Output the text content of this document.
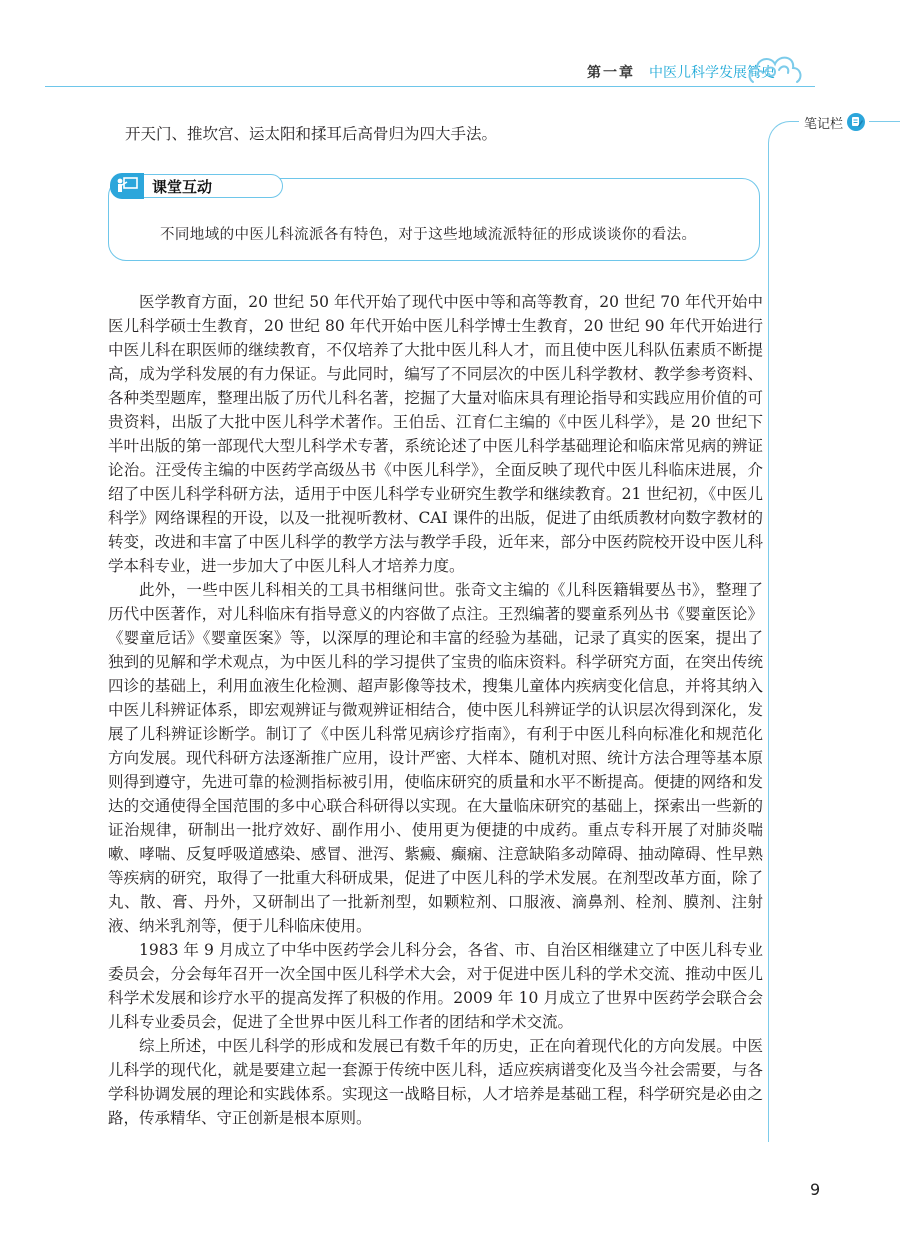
第一章 中医儿科学发展简史
笔记栏
开天门、推坎宫、运太阳和揉耳后高骨归为四大手法。
课堂互动
不同地域的中医儿科流派各有特色，对于这些地域流派特征的形成谈谈你的看法。

医学教育方面，20 世纪 50 年代开始了现代中医中等和高等教育，20 世纪 70 年代开始中医儿科学硕士生教育，20 世纪 80 年代开始中医儿科学博士生教育，20 世纪 90 年代开始进行中医儿科在职医师的继续教育，不仅培养了大批中医儿科人才，而且使中医儿科队伍素质不断提高，成为学科发展的有力保证。与此同时，编写了不同层次的中医儿科学教材、教学参考资料、各种类型题库，整理出版了历代儿科名著，挖掘了大量对临床具有理论指导和实践应用价值的可贵资料，出版了大批中医儿科学术著作。王伯岳、江育仁主编的《中医儿科学》，是 20 世纪下半叶出版的第一部现代大型儿科学术专著，系统论述了中医儿科学基础理论和临床常见病的辨证论治。汪受传主编的中医药学高级丛书《中医儿科学》，全面反映了现代中医儿科临床进展，介绍了中医儿科学科研方法，适用于中医儿科学专业研究生教学和继续教育。21 世纪初，《中医儿科学》网络课程的开设，以及一批视听教材、CAI 课件的出版，促进了由纸质教材向数字教材的转变，改进和丰富了中医儿科学的教学方法与教学手段，近年来，部分中医药院校开设中医儿科学本科专业，进一步加大了中医儿科人才培养力度。

此外，一些中医儿科相关的工具书相继问世。张奇文主编的《儿科医籍辑要丛书》，整理了历代中医著作，对儿科临床有指导意义的内容做了点注。王烈编著的婴童系列丛书《婴童医论》《婴童卮话》《婴童医案》等，以深厚的理论和丰富的经验为基础，记录了真实的医案，提出了独到的见解和学术观点，为中医儿科的学习提供了宝贵的临床资料。科学研究方面，在突出传统四诊的基础上，利用血液生化检测、超声影像等技术，搜集儿童体内疾病变化信息，并将其纳入中医儿科辨证体系，即宏观辨证与微观辨证相结合，使中医儿科辨证学的认识层次得到深化，发展了儿科辨证诊断学。制订了《中医儿科常见病诊疗指南》，有利于中医儿科向标准化和规范化方向发展。现代科研方法逐渐推广应用，设计严密、大样本、随机对照、统计方法合理等基本原则得到遵守，先进可靠的检测指标被引用，使临床研究的质量和水平不断提高。便捷的网络和发达的交通使得全国范围的多中心联合科研得以实现。在大量临床研究的基础上，探索出一些新的证治规律，研制出一批疗效好、副作用小、使用更为便捷的中成药。重点专科开展了对肺炎喘嗽、哮喘、反复呼吸道感染、感冒、泄泻、紫癜、癫痫、注意缺陷多动障碍、抽动障碍、性早熟等疾病的研究，取得了一批重大科研成果，促进了中医儿科的学术发展。在剂型改革方面，除了丸、散、膏、丹外，又研制出了一批新剂型，如颗粒剂、口服液、滴鼻剂、栓剂、膜剂、注射液、纳米乳剂等，便于儿科临床使用。

1983 年 9 月成立了中华中医药学会儿科分会，各省、市、自治区相继建立了中医儿科专业委员会，分会每年召开一次全国中医儿科学术大会，对于促进中医儿科的学术交流、推动中医儿科学术发展和诊疗水平的提高发挥了积极的作用。2009 年 10 月成立了世界中医药学会联合会儿科专业委员会，促进了全世界中医儿科工作者的团结和学术交流。

综上所述，中医儿科学的形成和发展已有数千年的历史，正在向着现代化的方向发展。中医儿科学的现代化，就是要建立起一套源于传统中医儿科，适应疾病谱变化及当今社会需要，与各学科协调发展的理论和实践体系。实现这一战略目标，人才培养是基础工程，科学研究是必由之路，传承精华、守正创新是根本原则。

9
